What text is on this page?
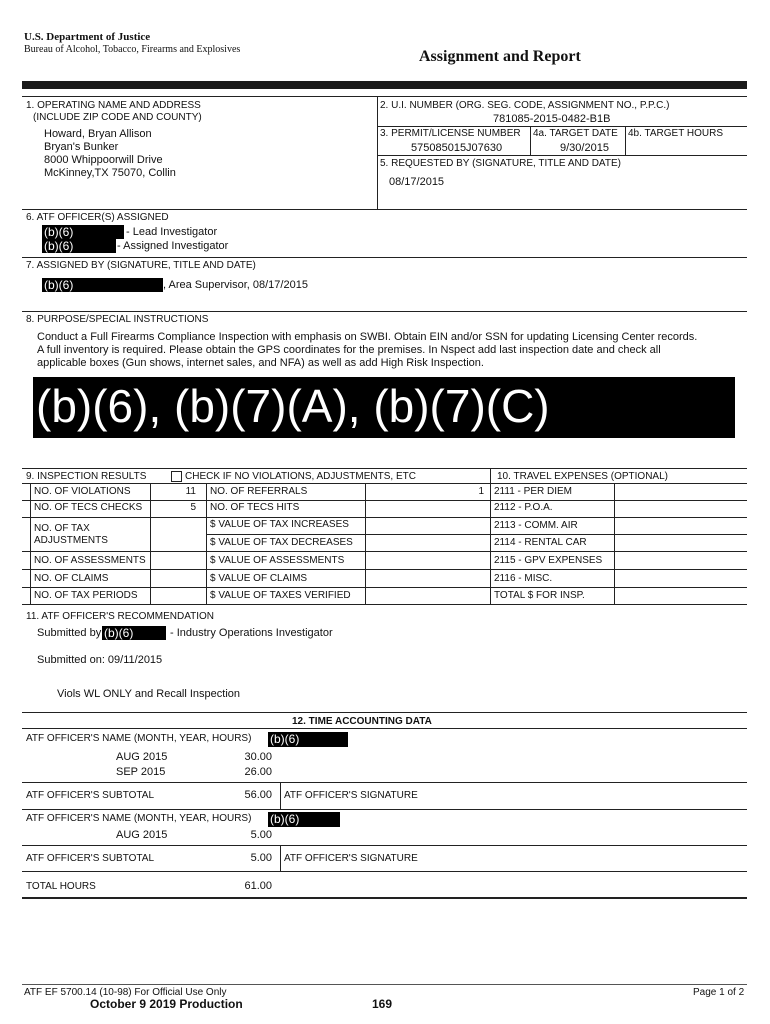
U.S. Department of Justice
Bureau of Alcohol, Tobacco, Firearms and Explosives	Assignment and Report
1. OPERATING NAME AND ADDRESS
(INCLUDE ZIP CODE AND COUNTY)
Howard, Bryan Allison
Bryan's Bunker
8000 Whippoorwill Drive
McKinney,TX 75070, Collin
2. U.I. NUMBER (ORG. SEG. CODE, ASSIGNMENT NO., P.P.C.)
781085-2015-0482-B1B
3. PERMIT/LICENSE NUMBER
575085015J07630
4a. TARGET DATE
9/30/2015
4b. TARGET HOURS
5. REQUESTED BY (SIGNATURE, TITLE AND DATE)
08/17/2015
6. ATF OFFICER(S) ASSIGNED
(b)(6)	- Lead Investigator
(b)(6)	- Assigned Investigator
7. ASSIGNED BY (SIGNATURE, TITLE AND DATE)
(b)(6)	, Area Supervisor, 08/17/2015
8. PURPOSE/SPECIAL INSTRUCTIONS
Conduct a Full Firearms Compliance Inspection with emphasis on SWBI. Obtain EIN and/or SSN for updating Licensing Center records.
A full inventory is required. Please obtain the GPS coordinates for the premises. In Nspect add last inspection date and check all
applicable boxes (Gun shows, internet sales, and NFA) as well as add High Risk Inspection.
(b)(6), (b)(7)(A), (b)(7)(C)
9. INSPECTION RESULTS	CHECK IF NO VIOLATIONS, ADJUSTMENTS, ETC	10. TRAVEL EXPENSES (OPTIONAL)
NO. OF VIOLATIONS	11 NO. OF REFERRALS	1 2111 - PER DIEM
NO. OF TECS CHECKS	5 NO. OF TECS HITS	2112 - P.O.A.
NO. OF TAX
ADJUSTMENTS
$ VALUE OF TAX INCREASES	2113 - COMM. AIR
$ VALUE OF TAX DECREASES	2114 - RENTAL CAR
NO. OF ASSESSMENTS	$ VALUE OF ASSESSMENTS	2115 - GPV EXPENSES
NO. OF CLAIMS	$ VALUE OF CLAIMS	2116 - MISC.
NO. OF TAX PERIODS	$ VALUE OF TAXES VERIFIED	TOTAL $ FOR INSP.
11. ATF OFFICER'S RECOMMENDATION
Submitted by (b)(6)	- Industry Operations Investigator
Submitted on: 09/11/2015
Viols WL ONLY and Recall Inspection
12. TIME ACCOUNTING DATA
ATF OFFICER'S NAME (MONTH, YEAR, HOURS) (b)(6)
AUG 2015	30.00
SEP 2015	26.00
ATF OFFICER'S SUBTOTAL	56.00 ATF OFFICER'S SIGNATURE
ATF OFFICER'S NAME (MONTH, YEAR, HOURS) (b)(6)
AUG 2015	5.00
ATF OFFICER'S SUBTOTAL	5.00 ATF OFFICER'S SIGNATURE
TOTAL HOURS	61.00
ATF EF 5700.14 (10-98) For Official Use Only
October 9 2019 Production	169
Page 1 of 2
